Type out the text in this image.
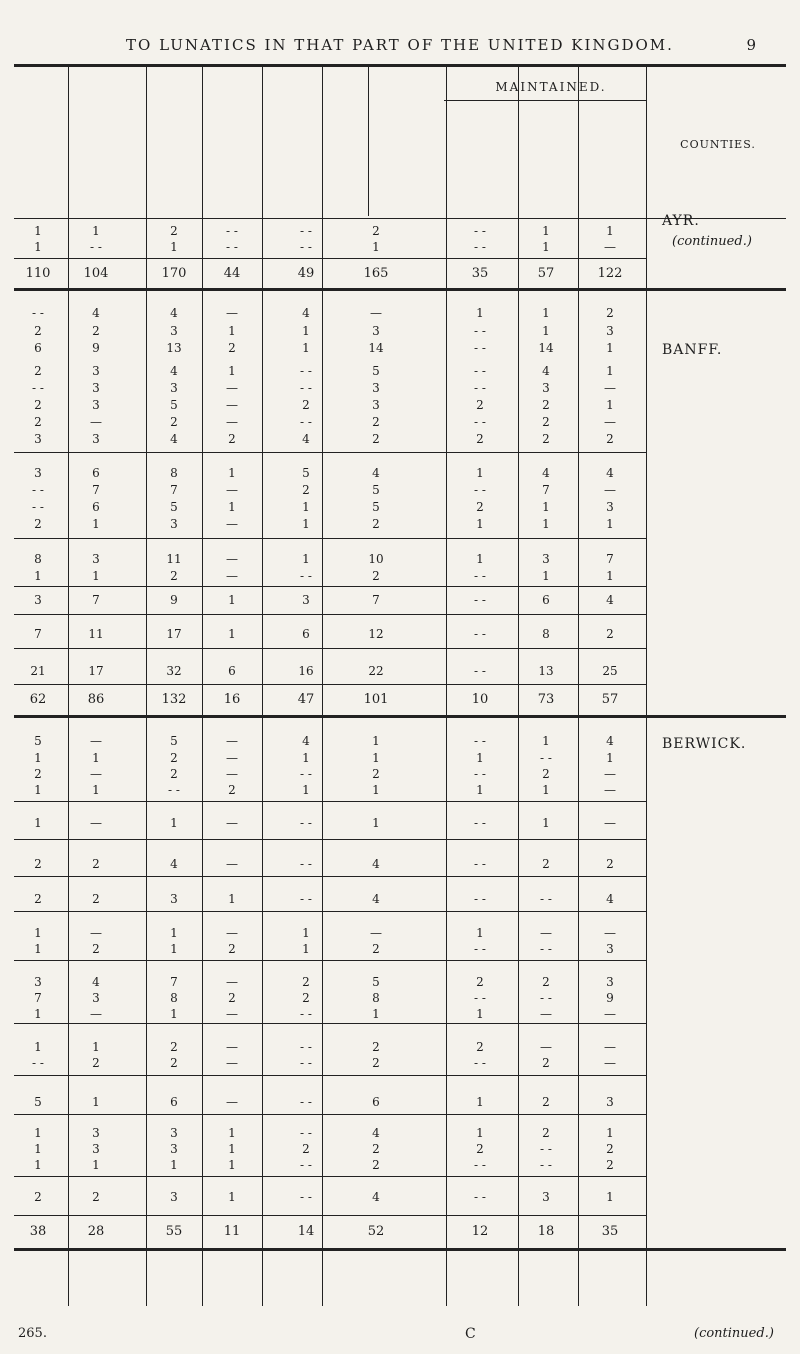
TO LUNATICS IN THAT PART OF THE UNITED KINGDOM.	9
MAINTAINED.
COUNTIES.
1	1	2	- -	- -	2	- -	1	1
1	- -	1	- -	- -	1	- -	1	—
110	104	170	44	49	165	35	57	122
- -	4	4	—	4	—	1	1	2
2	2	3	1	1	3	- -	1	3
6	9	13	2	1	14	- -	14	1
2	3	4	1	- -	5	- -	4	1
- -	3	3	—	- -	3	- -	3	—
2	3	5	—	2	3	2	2	1
2	—	2	—	- -	2	- -	2	—
3	3	4	2	4	2	2	2	2
3	6	8	1	5	4	1	4	4
- -	7	7	—	2	5	- -	7	—
- -	6	5	1	1	5	2	1	3
2	1	3	—	1	2	1	1	1
8	3	11	—	1	10	1	3	7
1	1	2	—	- -	2	- -	1	1
3	7	9	1	3	7	- -	6	4
7	11	17	1	6	12	- -	8	2
21	17	32	6	16	22	- -	13	25
62	86	132	16	47	101	10	73	57
5	—	5	—	4	1	- -	1	4
1	1	2	—	1	1	1	- -	1
2	—	2	—	- -	2	- -	2	—
1	1	- -	2	1	1	1	1	—
1	—	1	—	- -	1	- -	1	—
2	2	4	—	- -	4	- -	2	2
2	2	3	1	- -	4	- -	- -	4
1	—	1	—	1	—	1	—	—
1	2	1	2	1	2	- -	- -	3
3	4	7	—	2	5	2	2	3
7	3	8	2	2	8	- -	- -	9
1	—	1	—	- -	1	1	—	—
1	1	2	—	- -	2	2	—	—
- -	2	2	—	- -	2	- -	2	—
5	1	6	—	- -	6	1	2	3
1	3	3	1	- -	4	1	2	1
1	3	3	1	2	2	2	- -	2
1	1	1	1	- -	2	- -	- -	2
2	2	3	1	- -	4	- -	3	1
38	28	55	11	14	52	12	18	35
AYR.
(continued.)
BANFF.
BERWICK.
265.	C	(continued.)
